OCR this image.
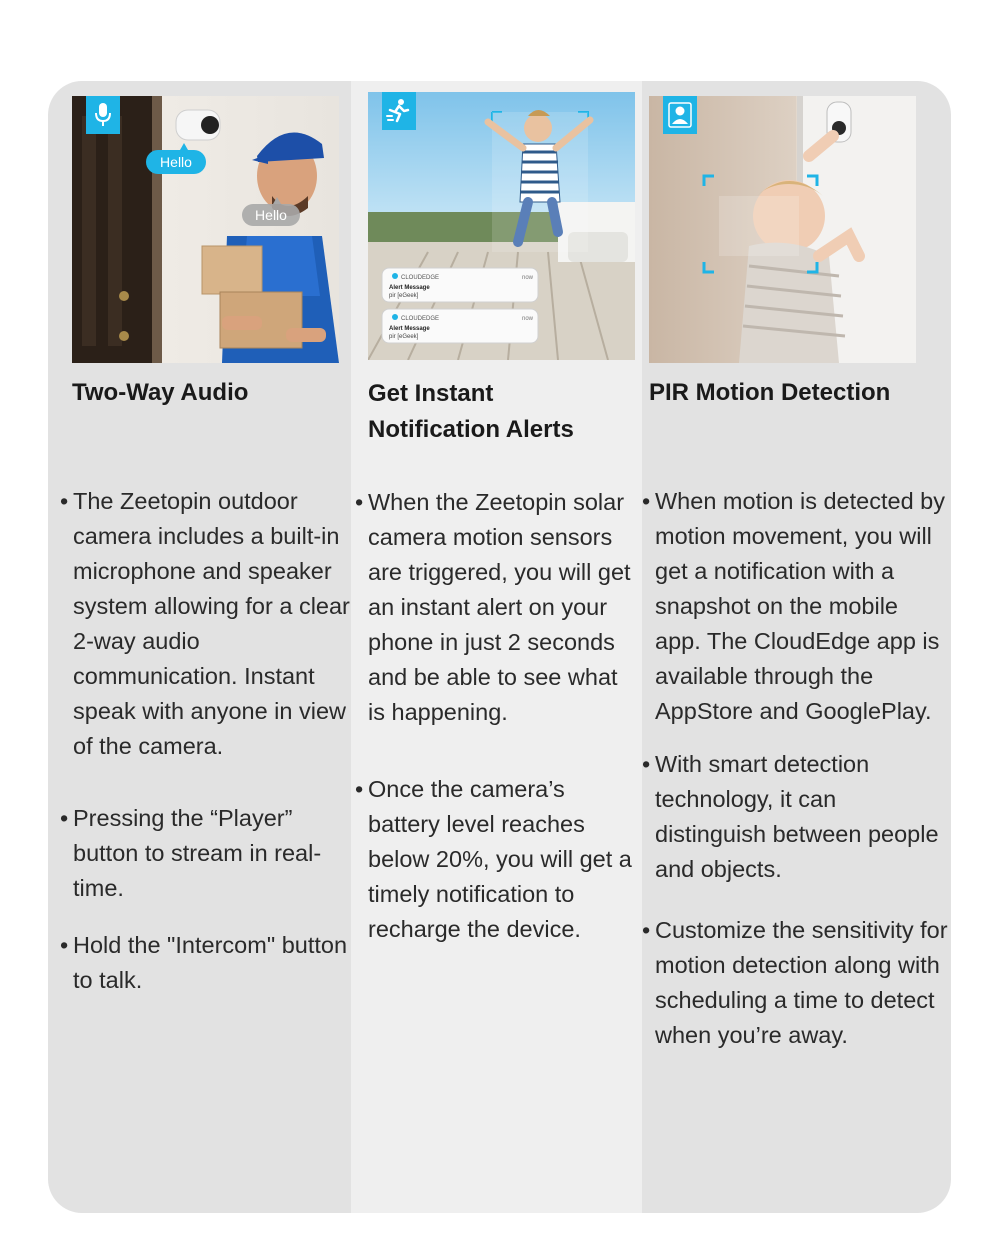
Hello
Hello
Two-Way Audio
• The Zeetopin outdoor camera includes a built-in microphone and speaker system allowing for a clear 2-way audio communication. Instant speak with anyone in view of the camera.
• Pressing the “Player” button to stream in real-time.
• Hold the "Intercom" button to talk.
CLOUDEDGE	now
Alert Message
pir [eGeek]
CLOUDEDGE	now
Alert Message
pir [eGeek]
Get Instant
Notification Alerts
• When the Zeetopin solar camera motion sensors are triggered, you will get an instant alert on your phone in just 2 seconds and be able to see what is happening.
• Once the camera’s battery level reaches below 20%, you will get a timely notification to recharge the device.
PIR Motion Detection
• When motion is detected by motion movement, you will get a notification with a snapshot on the mobile app. The CloudEdge app is available through the AppStore and GooglePlay.
• With smart detection technology, it can distinguish between people and objects.
• Customize the sensitivity for motion detection along with scheduling a time to detect when you’re away.
